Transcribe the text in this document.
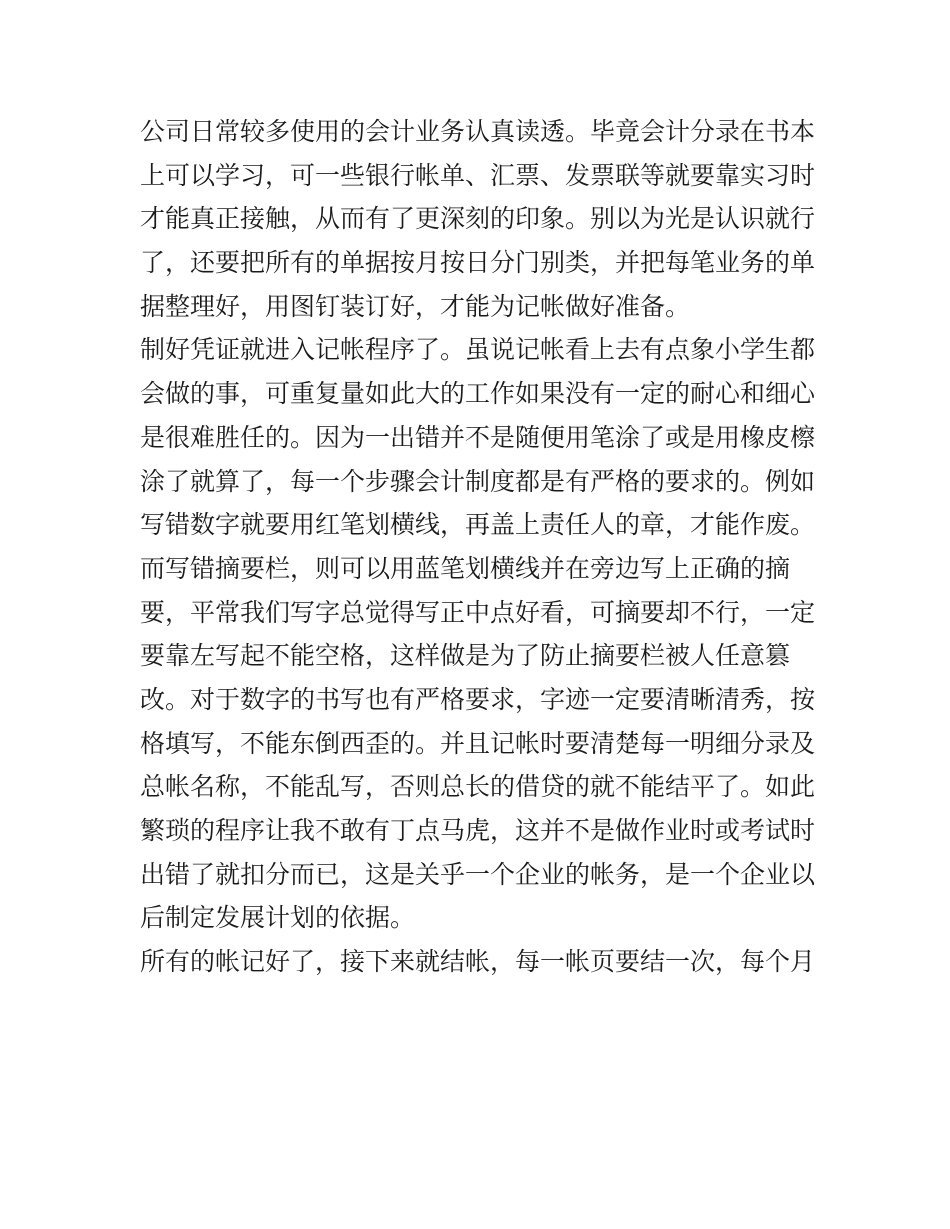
公司日常较多使用的会计业务认真读透。毕竟会计分录在书本
上可以学习，可一些银行帐单、汇票、发票联等就要靠实习时
才能真正接触，从而有了更深刻的印象。别以为光是认识就行
了，还要把所有的单据按月按日分门别类，并把每笔业务的单
据整理好，用图钉装订好，才能为记帐做好准备。
制好凭证就进入记帐程序了。虽说记帐看上去有点象小学生都
会做的事，可重复量如此大的工作如果没有一定的耐心和细心
是很难胜任的。因为一出错并不是随便用笔涂了或是用橡皮檫
涂了就算了，每一个步骤会计制度都是有严格的要求的。例如
写错数字就要用红笔划横线，再盖上责任人的章，才能作废。
而写错摘要栏，则可以用蓝笔划横线并在旁边写上正确的摘
要，平常我们写字总觉得写正中点好看，可摘要却不行，一定
要靠左写起不能空格，这样做是为了防止摘要栏被人任意篡
改。对于数字的书写也有严格要求，字迹一定要清晰清秀，按
格填写，不能东倒西歪的。并且记帐时要清楚每一明细分录及
总帐名称，不能乱写，否则总长的借贷的就不能结平了。如此
繁琐的程序让我不敢有丁点马虎，这并不是做作业时或考试时
出错了就扣分而已，这是关乎一个企业的帐务，是一个企业以
后制定发展计划的依据。
所有的帐记好了，接下来就结帐，每一帐页要结一次，每个月
